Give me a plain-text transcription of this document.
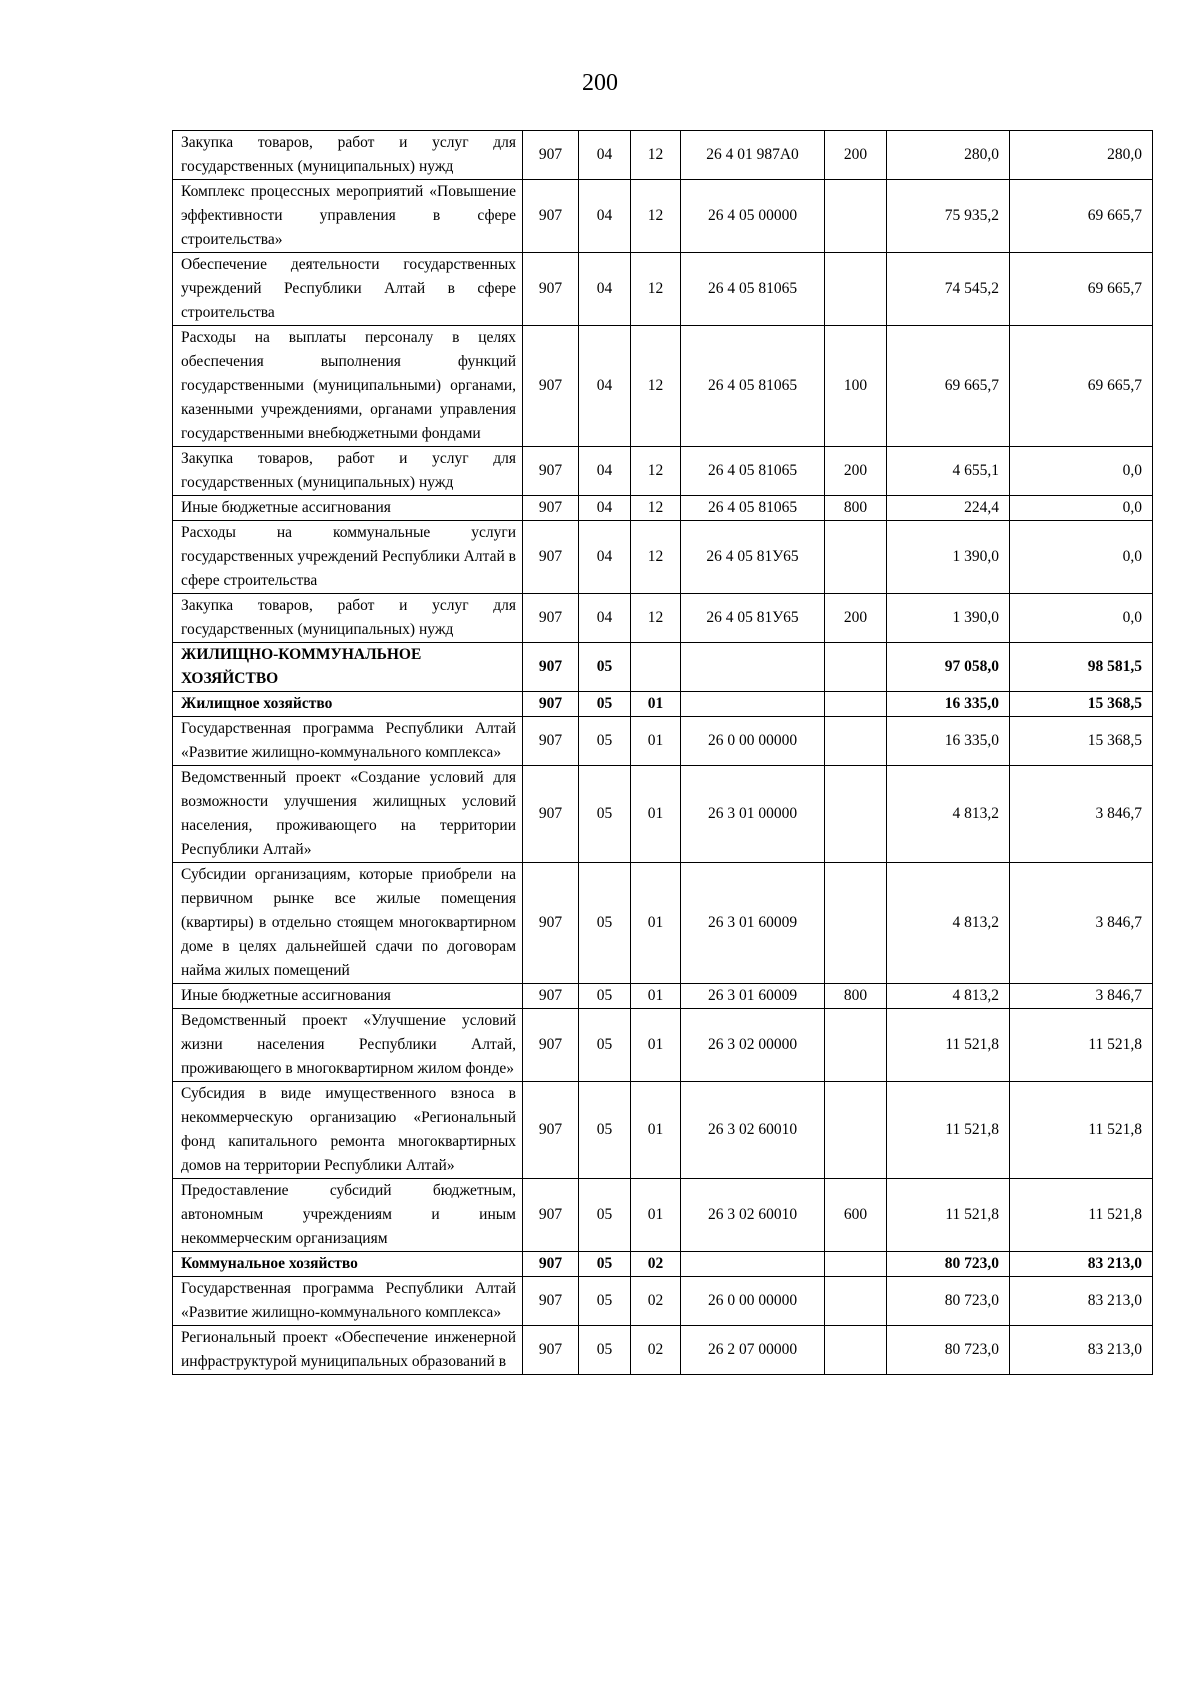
200
Закупка товаров, работ и услуг для государственных (муниципальных) нужд	907	04	12	26 4 01 987А0	200	280,0	280,0
Комплекс процессных мероприятий «Повышение эффективности управления в сфере строительства»	907	04	12	26 4 05 00000		75 935,2	69 665,7
Обеспечение деятельности государственных учреждений Республики Алтай в сфере строительства	907	04	12	26 4 05 81065		74 545,2	69 665,7
Расходы на выплаты персоналу в целях обеспечения выполнения функций государственными (муниципальными) органами, казенными учреждениями, органами управления государственными внебюджетными фондами	907	04	12	26 4 05 81065	100	69 665,7	69 665,7
Закупка товаров, работ и услуг для государственных (муниципальных) нужд	907	04	12	26 4 05 81065	200	4 655,1	0,0
Иные бюджетные ассигнования	907	04	12	26 4 05 81065	800	224,4	0,0
Расходы на коммунальные услуги государственных учреждений Республики Алтай в сфере строительства	907	04	12	26 4 05 81У65		1 390,0	0,0
Закупка товаров, работ и услуг для государственных (муниципальных) нужд	907	04	12	26 4 05 81У65	200	1 390,0	0,0
ЖИЛИЩНО-КОММУНАЛЬНОЕ ХОЗЯЙСТВО	907	05				97 058,0	98 581,5
Жилищное хозяйство	907	05	01			16 335,0	15 368,5
Государственная программа Республики Алтай «Развитие жилищно-коммунального комплекса»	907	05	01	26 0 00 00000		16 335,0	15 368,5
Ведомственный проект «Создание условий для возможности улучшения жилищных условий населения, проживающего на территории Республики Алтай»	907	05	01	26 3 01 00000		4 813,2	3 846,7
Субсидии организациям, которые приобрели на первичном рынке все жилые помещения (квартиры) в отдельно стоящем многоквартирном доме в целях дальнейшей сдачи по договорам найма жилых помещений	907	05	01	26 3 01 60009		4 813,2	3 846,7
Иные бюджетные ассигнования	907	05	01	26 3 01 60009	800	4 813,2	3 846,7
Ведомственный проект «Улучшение условий жизни населения Республики Алтай, проживающего в многоквартирном жилом фонде»	907	05	01	26 3 02 00000		11 521,8	11 521,8
Субсидия в виде имущественного взноса в некоммерческую организацию «Региональный фонд капитального ремонта многоквартирных домов на территории Республики Алтай»	907	05	01	26 3 02 60010		11 521,8	11 521,8
Предоставление субсидий бюджетным, автономным учреждениям и иным некоммерческим организациям	907	05	01	26 3 02 60010	600	11 521,8	11 521,8
Коммунальное хозяйство	907	05	02			80 723,0	83 213,0
Государственная программа Республики Алтай «Развитие жилищно-коммунального комплекса»	907	05	02	26 0 00 00000		80 723,0	83 213,0
Региональный проект «Обеспечение инженерной инфраструктурой муниципальных образований в	907	05	02	26 2 07 00000		80 723,0	83 213,0
